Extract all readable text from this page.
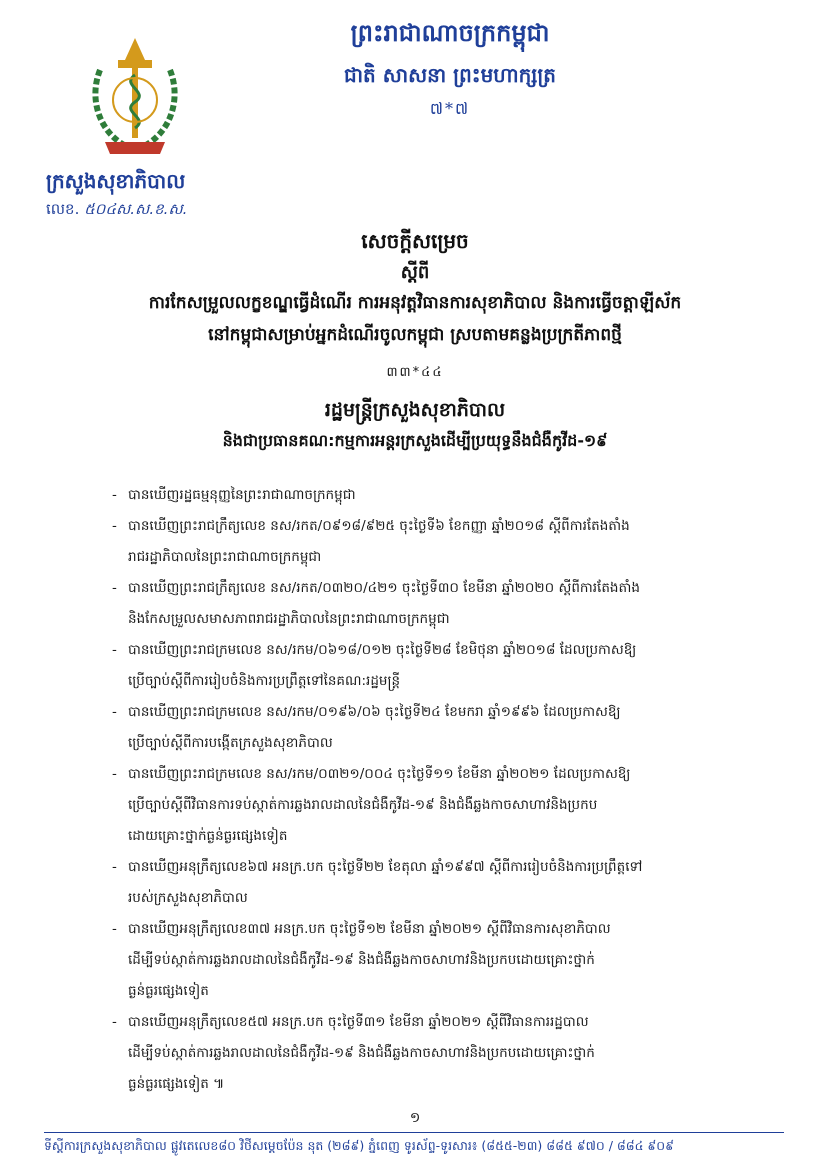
ព្រះរាជាណាចក្រកម្ពុជា
ជាតិ សាសនា ព្រះមហាក្សត្រ
៧*៧
ក្រសួងសុខាភិបាល
លេខ. ៥០៤ស.ស.ខ.ស.
សេចក្តីសម្រេច
ស្តីពី
ការកែសម្រួលលក្ខខណ្ឌធ្វើដំណើរ ការអនុវត្តវិធានការសុខាភិបាល និងការធ្វើចត្តាឡីស័ក
នៅកម្ពុជាសម្រាប់អ្នកដំណើរចូលកម្ពុជា ស្របតាមគន្លងប្រក្រតីភាពថ្មី
៣៣*៤៤
រដ្ឋមន្ត្រីក្រសួងសុខាភិបាល
និងជាប្រធានគណ:កម្មការអន្តរក្រសួងដើម្បីប្រយុទ្ធនឹងជំងឺកូវីដ-១៩
- បានឃើញរដ្ឋធម្មនុញ្ញនៃព្រះរាជាណាចក្រកម្ពុជា
- បានឃើញព្រះរាជក្រឹត្យលេខ នស/រកត/០៩១៨/៩២៥ ចុះថ្ងៃទី៦ ខែកញ្ញា ឆ្នាំ២០១៨ ស្តីពីការតែងតាំង
រាជរដ្ឋាភិបាលនៃព្រះរាជាណាចក្រកម្ពុជា
- បានឃើញព្រះរាជក្រឹត្យលេខ នស/រកត/០៣២០/៤២១ ចុះថ្ងៃទី៣០ ខែមីនា ឆ្នាំ២០២០ ស្តីពីការតែងតាំង
និងកែសម្រួលសមាសភាពរាជរដ្ឋាភិបាលនៃព្រះរាជាណាចក្រកម្ពុជា
- បានឃើញព្រះរាជក្រមលេខ នស/រកម/០៦១៨/០១២ ចុះថ្ងៃទី២៨ ខែមិថុនា ឆ្នាំ២០១៨ ដែលប្រកាសឱ្យ
ប្រើច្បាប់ស្តីពីការរៀបចំនិងការប្រព្រឹត្តទៅនៃគណ:រដ្ឋមន្ត្រី
- បានឃើញព្រះរាជក្រមលេខ នស/រកម/០១៩៦/០៦ ចុះថ្ងៃទី២៤ ខែមករា ឆ្នាំ១៩៩៦ ដែលប្រកាសឱ្យ
ប្រើច្បាប់ស្តីពីការបង្កើតក្រសួងសុខាភិបាល
- បានឃើញព្រះរាជក្រមលេខ នស/រកម/០៣២១/០០៤ ចុះថ្ងៃទី១១ ខែមីនា ឆ្នាំ២០២១ ដែលប្រកាសឱ្យ
ប្រើច្បាប់ស្តីពីវិធានការទប់ស្កាត់ការឆ្លងរាលដាលនៃជំងឺកូវីដ-១៩ និងជំងឺឆ្លងកាចសាហាវនិងប្រកប
ដោយគ្រោះថ្នាក់ធ្ងន់ធ្ងរផ្សេងទៀត
- បានឃើញអនុក្រឹត្យលេខ៦៧ អនក្រ.បក ចុះថ្ងៃទី២២ ខែតុលា ឆ្នាំ១៩៩៧ ស្តីពីការរៀបចំនិងការប្រព្រឹត្តទៅ
របស់ក្រសួងសុខាភិបាល
- បានឃើញអនុក្រឹត្យលេខ៣៧ អនក្រ.បក ចុះថ្ងៃទី១២ ខែមីនា ឆ្នាំ២០២១ ស្តីពីវិធានការសុខាភិបាល
ដើម្បីទប់ស្កាត់ការឆ្លងរាលដាលនៃជំងឺកូវីដ-១៩ និងជំងឺឆ្លងកាចសាហាវនិងប្រកបដោយគ្រោះថ្នាក់
ធ្ងន់ធ្ងរផ្សេងទៀត
- បានឃើញអនុក្រឹត្យលេខ៥៧ អនក្រ.បក ចុះថ្ងៃទី៣១ ខែមីនា ឆ្នាំ២០២១ ស្តីពីវិធានការរដ្ឋបាល
ដើម្បីទប់ស្កាត់ការឆ្លងរាលដាលនៃជំងឺកូវីដ-១៩ និងជំងឺឆ្លងកាចសាហាវនិងប្រកបដោយគ្រោះថ្នាក់
ធ្ងន់ធ្ងរផ្សេងទៀត ៕
១
ទីស្តីការក្រសួងសុខាភិបាល ផ្លូវតេលេខ៨០ វិថីសម្តេចប៉ែន នុត (២៨៩) ភ្នំពេញ ទូរស័ព្ទ-ទូរសារ៖ (៨៥៥-២៣) ៨៨៥ ៩៧០ / ៨៨៤ ៩០៩
